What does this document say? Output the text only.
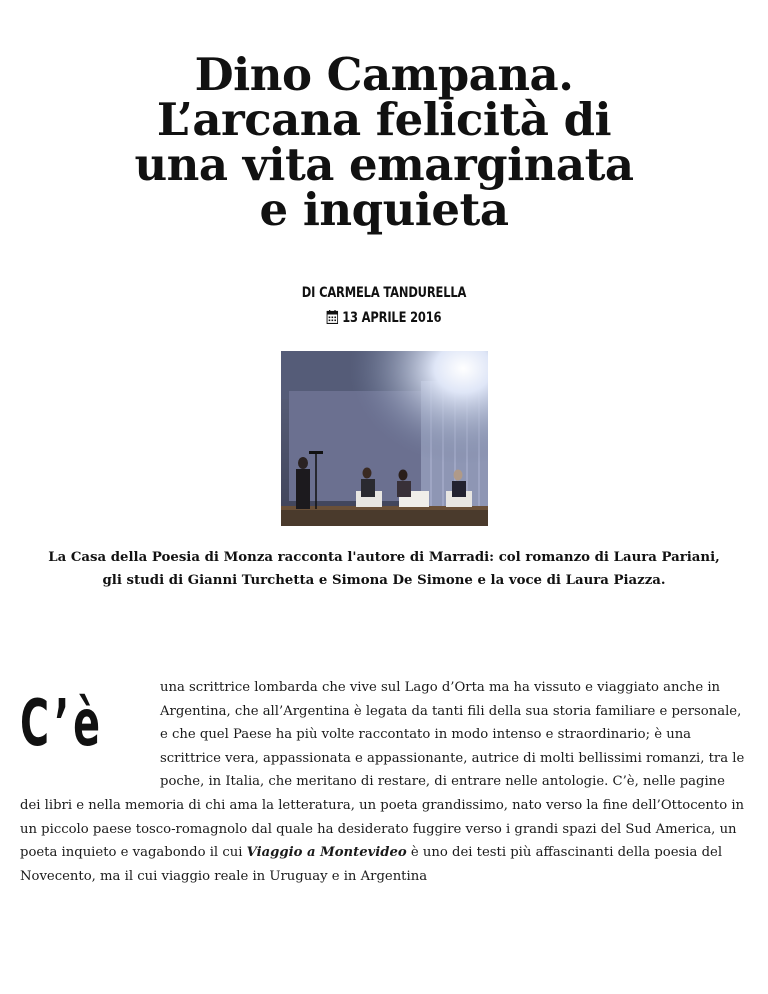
Dino Campana.
L’arcana felicità di
una vita emarginata
e inquieta
DI CARMELA TANDURELLA
13 APRILE 2016

La Casa della Poesia di Monza racconta l'autore di Marradi: col romanzo di Laura Pariani, gli studi di Gianni Turchetta e Simona De Simone e la voce di Laura Piazza.

C’è	una scrittrice lombarda che vive sul Lago d’Orta ma ha vissuto e viaggiato anche in Argentina, che all’Argentina è legata da tanti fili della sua storia familiare e personale, e che quel Paese ha più volte raccontato in modo intenso e straordinario; è una scrittrice vera, appassionata e appassionante, autrice di molti bellissimi romanzi, tra le poche, in Italia, che meritano di restare, di entrare nelle antologie. C’è, nelle pagine dei libri e nella memoria di chi ama la letteratura, un poeta grandissimo, nato verso la fine dell’Ottocento in un piccolo paese tosco-romagnolo dal quale ha desiderato fuggire verso i grandi spazi del Sud America, un poeta inquieto e vagabondo il cui Viaggio a Montevideo è uno dei testi più affascinanti della poesia del Novecento, ma il cui viaggio reale in Uruguay e in Argentina
